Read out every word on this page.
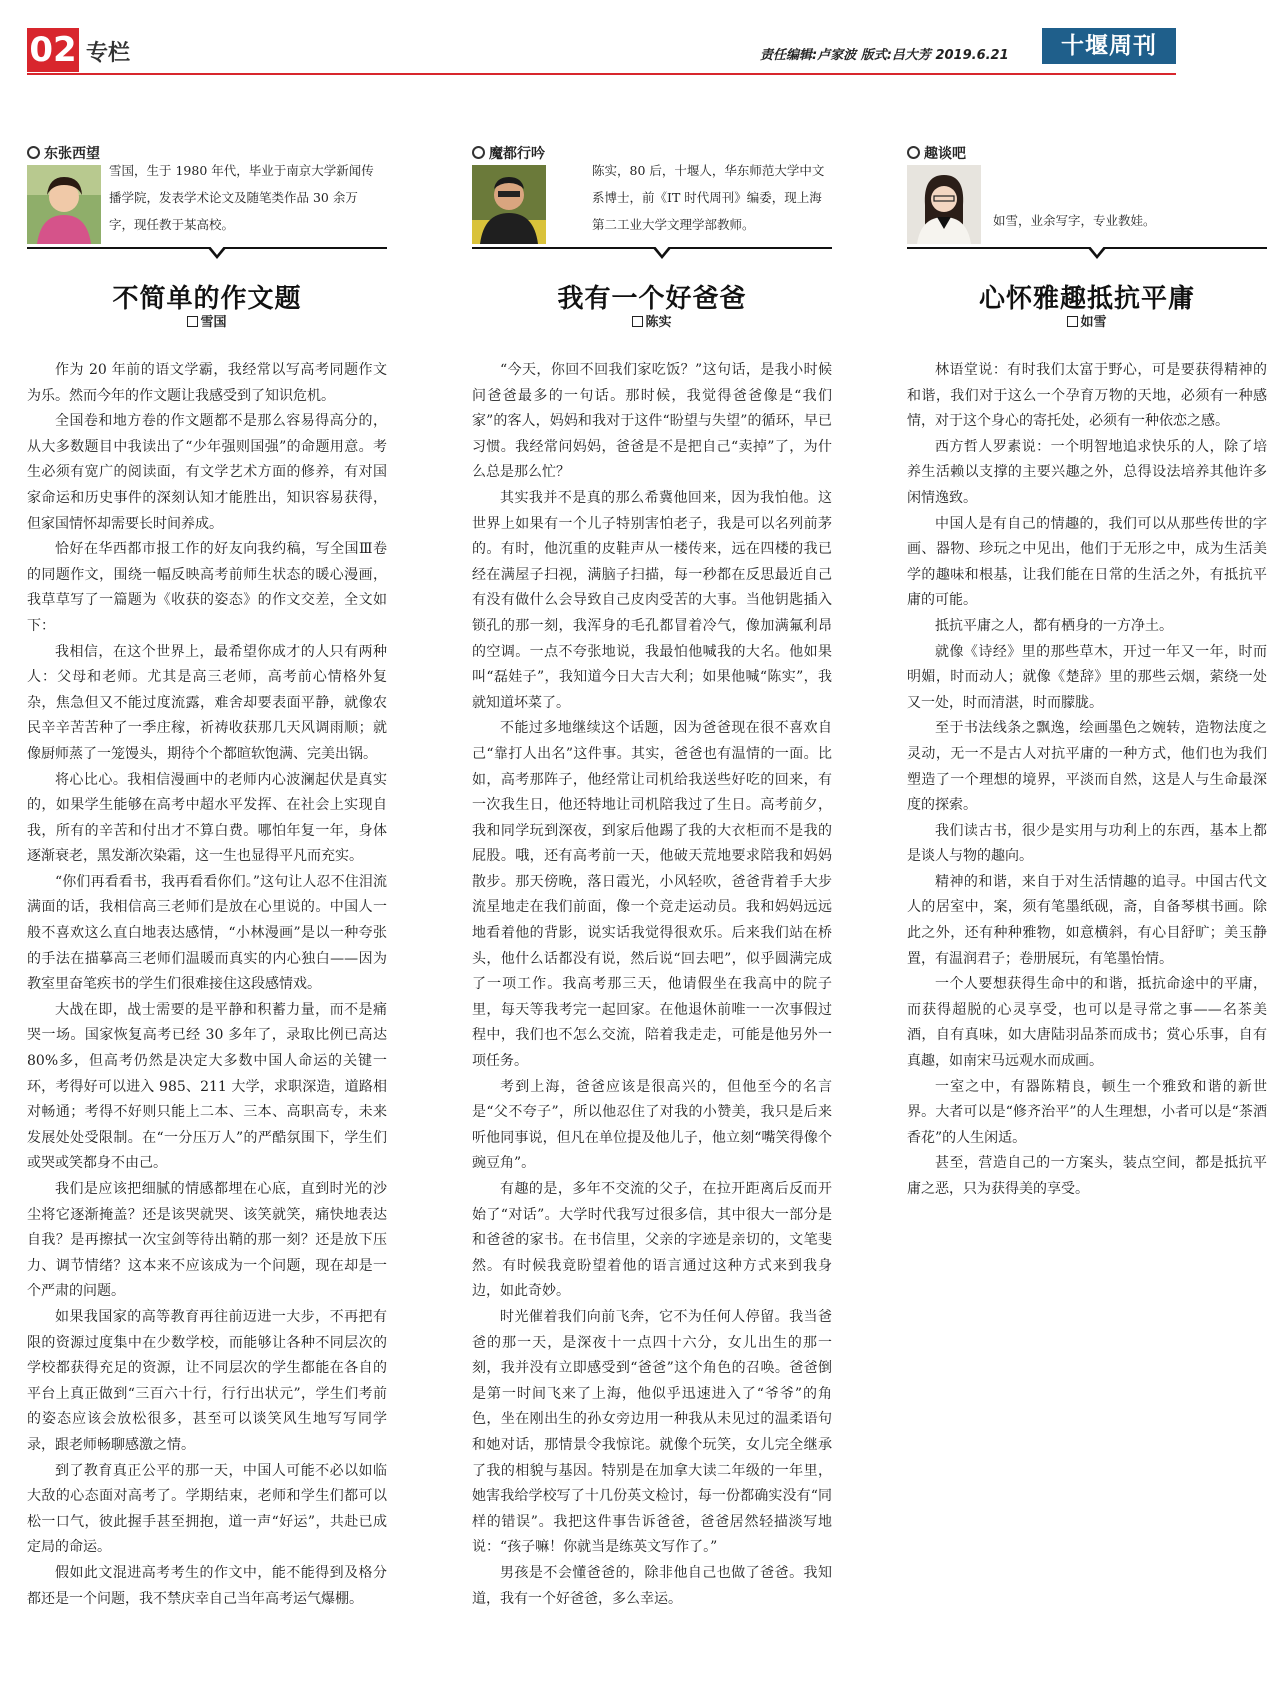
02 专栏	责任编辑:卢家波 版式:吕大芳 2019.6.21	十堰周刊
东张西望
雪国，生于 1980 年代，毕业于南京大学新闻传播学院，发表学术论文及随笔类作品 30 余万字，现任教于某高校。
不简单的作文题
雪国

作为 20 年前的语文学霸，我经常以写高考同题作文为乐。然而今年的作文题让我感受到了知识危机。

全国卷和地方卷的作文题都不是那么容易得高分的，从大多数题目中我读出了“少年强则国强”的命题用意。考生必须有宽广的阅读面，有文学艺术方面的修养，有对国家命运和历史事件的深刻认知才能胜出，知识容易获得，但家国情怀却需要长时间养成。

恰好在华西都市报工作的好友向我约稿，写全国Ⅲ卷的同题作文，围绕一幅反映高考前师生状态的暖心漫画，我草草写了一篇题为《收获的姿态》的作文交差，全文如下：

我相信，在这个世界上，最希望你成才的人只有两种人：父母和老师。尤其是高三老师，高考前心情格外复杂，焦急但又不能过度流露，难舍却要表面平静，就像农民辛辛苦苦种了一季庄稼，祈祷收获那几天风调雨顺；就像厨师蒸了一笼馒头，期待个个都暄软饱满、完美出锅。

将心比心。我相信漫画中的老师内心波澜起伏是真实的，如果学生能够在高考中超水平发挥、在社会上实现自我，所有的辛苦和付出才不算白费。哪怕年复一年，身体逐渐衰老，黑发渐次染霜，这一生也显得平凡而充实。

“你们再看看书，我再看看你们。”这句让人忍不住泪流满面的话，我相信高三老师们是放在心里说的。中国人一般不喜欢这么直白地表达感情，“小林漫画”是以一种夸张的手法在描摹高三老师们温暖而真实的内心独白——因为教室里奋笔疾书的学生们很难接住这段感情戏。

大战在即，战士需要的是平静和积蓄力量，而不是痛哭一场。国家恢复高考已经 30 多年了，录取比例已高达 80%多，但高考仍然是决定大多数中国人命运的关键一环，考得好可以进入 985、211 大学，求职深造，道路相对畅通；考得不好则只能上二本、三本、高职高专，未来发展处处受限制。在“一分压万人”的严酷氛围下，学生们或哭或笑都身不由己。

我们是应该把细腻的情感都埋在心底，直到时光的沙尘将它逐渐掩盖？还是该哭就哭、该笑就笑，痛快地表达自我？是再擦拭一次宝剑等待出鞘的那一刻？还是放下压力、调节情绪？这本来不应该成为一个问题，现在却是一个严肃的问题。

如果我国家的高等教育再往前迈进一大步，不再把有限的资源过度集中在少数学校，而能够让各种不同层次的学校都获得充足的资源，让不同层次的学生都能在各自的平台上真正做到“三百六十行，行行出状元”，学生们考前的姿态应该会放松很多，甚至可以谈笑风生地写写同学录，跟老师畅聊感激之情。

到了教育真正公平的那一天，中国人可能不必以如临大敌的心态面对高考了。学期结束，老师和学生们都可以松一口气，彼此握手甚至拥抱，道一声“好运”，共赴已成定局的命运。

假如此文混进高考考生的作文中，能不能得到及格分都还是一个问题，我不禁庆幸自己当年高考运气爆棚。

魔都行吟
陈实，80 后，十堰人，华东师范大学中文系博士，前《IT 时代周刊》编委，现上海第二工业大学文理学部教师。
我有一个好爸爸
陈实

“今天，你回不回我们家吃饭？”这句话，是我小时候问爸爸最多的一句话。那时候，我觉得爸爸像是“我们家”的客人，妈妈和我对于这件“盼望与失望”的循环，早已习惯。我经常问妈妈，爸爸是不是把自己“卖掉”了，为什么总是那么忙？

其实我并不是真的那么希冀他回来，因为我怕他。这世界上如果有一个儿子特别害怕老子，我是可以名列前茅的。有时，他沉重的皮鞋声从一楼传来，远在四楼的我已经在满屋子扫视，满脑子扫描，每一秒都在反思最近自己有没有做什么会导致自己皮肉受苦的大事。当他钥匙插入锁孔的那一刻，我浑身的毛孔都冒着冷气，像加满氟利昂的空调。一点不夸张地说，我最怕他喊我的大名。他如果叫“磊娃子”，我知道今日大吉大利；如果他喊“陈实”，我就知道坏菜了。

不能过多地继续这个话题，因为爸爸现在很不喜欢自己“靠打人出名”这件事。其实，爸爸也有温情的一面。比如，高考那阵子，他经常让司机给我送些好吃的回来，有一次我生日，他还特地让司机陪我过了生日。高考前夕，我和同学玩到深夜，到家后他踢了我的大衣柜而不是我的屁股。哦，还有高考前一天，他破天荒地要求陪我和妈妈散步。那天傍晚，落日霞光，小风轻吹，爸爸背着手大步流星地走在我们前面，像一个竞走运动员。我和妈妈远远地看着他的背影，说实话我觉得很欢乐。后来我们站在桥头，他什么话都没有说，然后说“回去吧”，似乎圆满完成了一项工作。我高考那三天，他请假坐在我高中的院子里，每天等我考完一起回家。在他退休前唯一一次事假过程中，我们也不怎么交流，陪着我走走，可能是他另外一项任务。

考到上海，爸爸应该是很高兴的，但他至今的名言是“父不夸子”，所以他忍住了对我的小赞美，我只是后来听他同事说，但凡在单位提及他儿子，他立刻“嘴笑得像个豌豆角”。

有趣的是，多年不交流的父子，在拉开距离后反而开始了“对话”。大学时代我写过很多信，其中很大一部分是和爸爸的家书。在书信里，父亲的字迹是亲切的，文笔斐然。有时候我竟盼望着他的语言通过这种方式来到我身边，如此奇妙。

时光催着我们向前飞奔，它不为任何人停留。我当爸爸的那一天，是深夜十一点四十六分，女儿出生的那一刻，我并没有立即感受到“爸爸”这个角色的召唤。爸爸倒是第一时间飞来了上海，他似乎迅速进入了“爷爷”的角色，坐在刚出生的孙女旁边用一种我从未见过的温柔语句和她对话，那情景令我惊诧。就像个玩笑，女儿完全继承了我的相貌与基因。特别是在加拿大读二年级的一年里，她害我给学校写了十几份英文检讨，每一份都确实没有“同样的错误”。我把这件事告诉爸爸，爸爸居然轻描淡写地说：“孩子嘛！你就当是练英文写作了。”

男孩是不会懂爸爸的，除非他自己也做了爸爸。我知道，我有一个好爸爸，多么幸运。

趣谈吧
如雪，业余写字，专业教娃。
心怀雅趣抵抗平庸
如雪

林语堂说：有时我们太富于野心，可是要获得精神的和谐，我们对于这么一个孕育万物的天地，必须有一种感情，对于这个身心的寄托处，必须有一种依恋之感。

西方哲人罗素说：一个明智地追求快乐的人，除了培养生活赖以支撑的主要兴趣之外，总得设法培养其他许多闲情逸致。

中国人是有自己的情趣的，我们可以从那些传世的字画、器物、珍玩之中见出，他们于无形之中，成为生活美学的趣味和根基，让我们能在日常的生活之外，有抵抗平庸的可能。

抵抗平庸之人，都有栖身的一方净土。

就像《诗经》里的那些草木，开过一年又一年，时而明媚，时而动人；就像《楚辞》里的那些云烟，萦绕一处又一处，时而清湛，时而朦胧。

至于书法线条之飘逸，绘画墨色之婉转，造物法度之灵动，无一不是古人对抗平庸的一种方式，他们也为我们塑造了一个理想的境界，平淡而自然，这是人与生命最深度的探索。

我们读古书，很少是实用与功利上的东西，基本上都是谈人与物的趣向。

精神的和谐，来自于对生活情趣的追寻。中国古代文人的居室中，案，须有笔墨纸砚，斋，自备琴棋书画。除此之外，还有种种雅物，如意横斜，有心目舒旷；美玉静置，有温润君子；卷册展玩，有笔墨怡情。

一个人要想获得生命中的和谐，抵抗命途中的平庸，而获得超脱的心灵享受，也可以是寻常之事——名茶美酒，自有真味，如大唐陆羽品茶而成书；赏心乐事，自有真趣，如南宋马远观水而成画。

一室之中，有器陈精良，顿生一个雅致和谐的新世界。大者可以是“修齐治平”的人生理想，小者可以是“茶酒香花”的人生闲适。

甚至，营造自己的一方案头，装点空间，都是抵抗平庸之恶，只为获得美的享受。
